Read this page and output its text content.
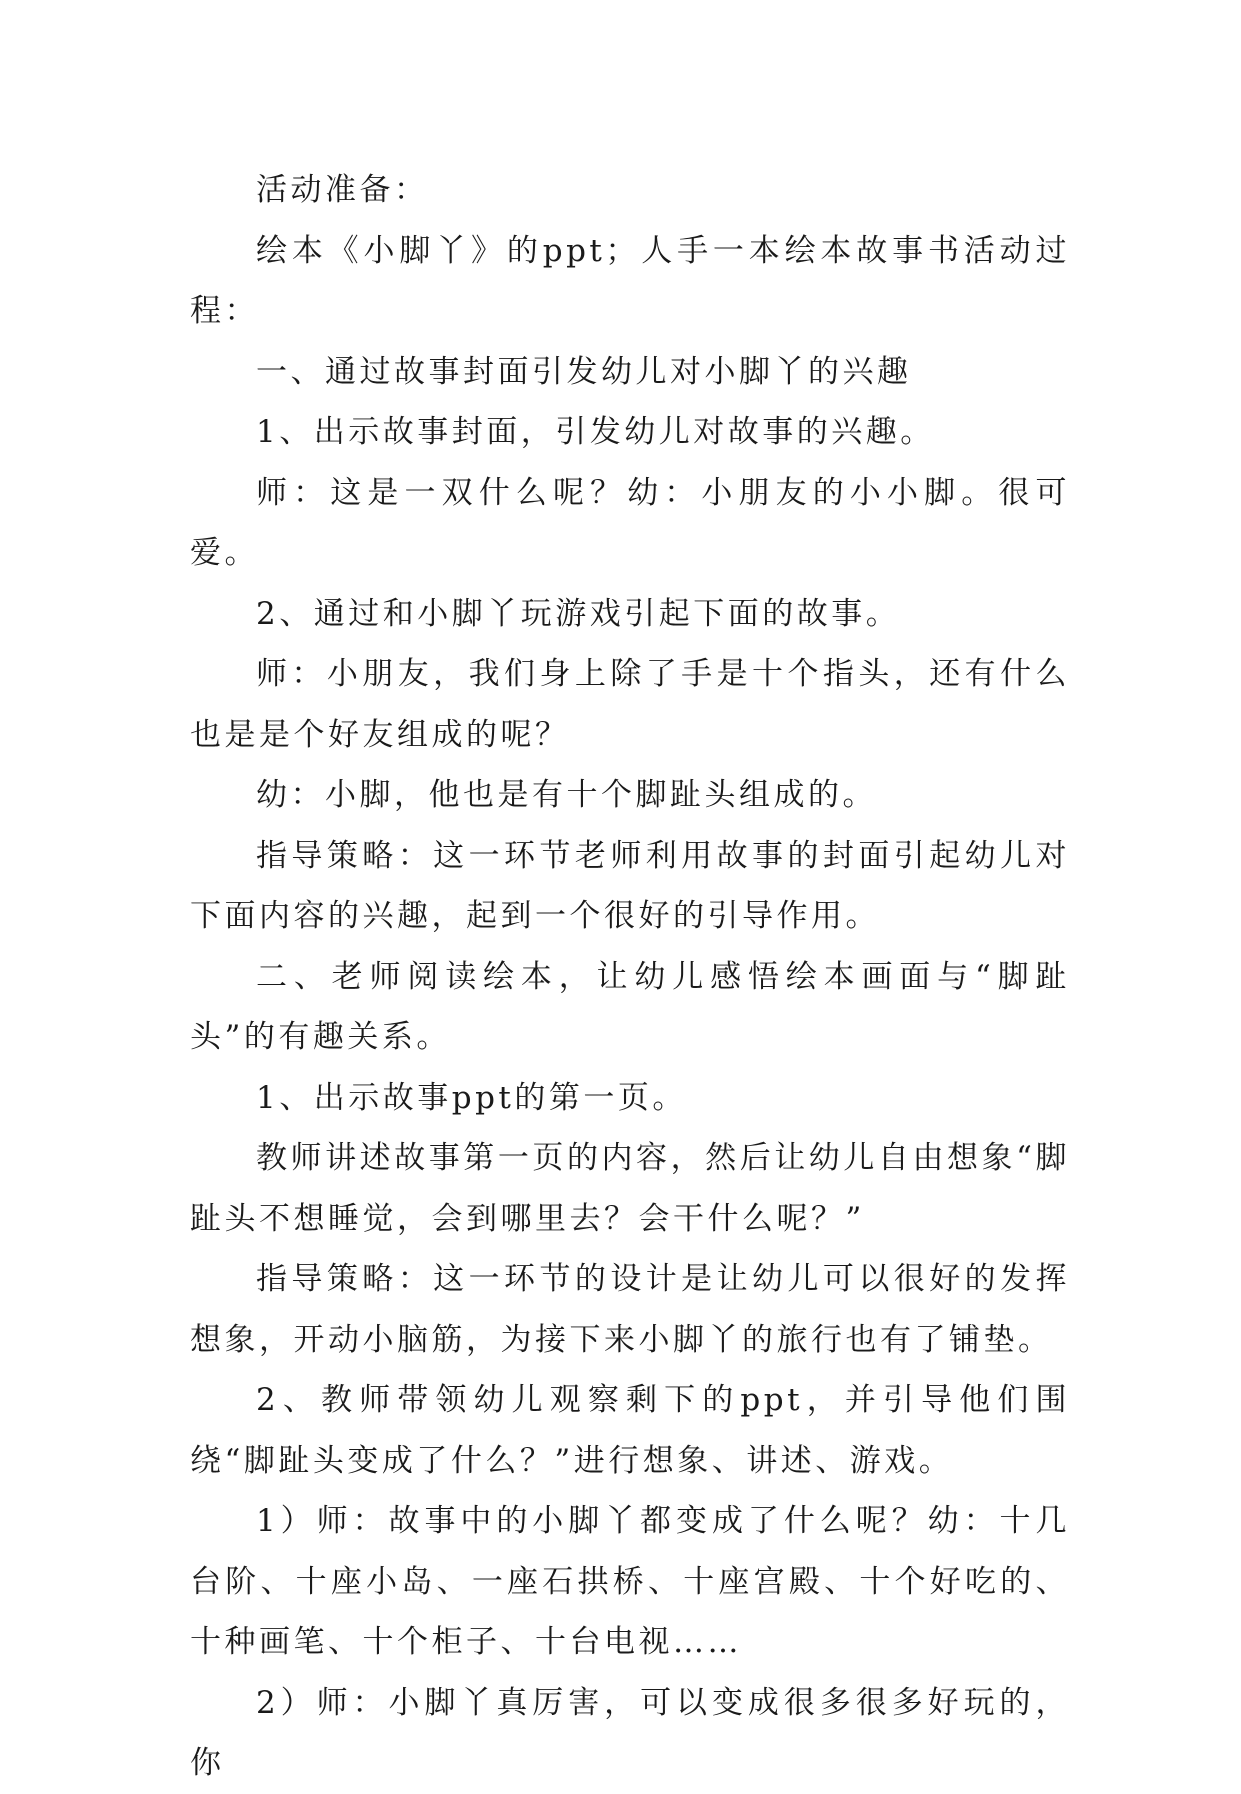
活动准备：

绘本《小脚丫》的ppt；人手一本绘本故事书活动过程：

一、通过故事封面引发幼儿对小脚丫的兴趣

1、出示故事封面，引发幼儿对故事的兴趣。

师：这是一双什么呢？幼：小朋友的小小脚。很可爱。

2、通过和小脚丫玩游戏引起下面的故事。

师：小朋友，我们身上除了手是十个指头，还有什么也是是个好友组成的呢？

幼：小脚，他也是有十个脚趾头组成的。

指导策略：这一环节老师利用故事的封面引起幼儿对下面内容的兴趣，起到一个很好的引导作用。

二、老师阅读绘本，让幼儿感悟绘本画面与“脚趾头”的有趣关系。

1、出示故事ppt的第一页。

教师讲述故事第一页的内容，然后让幼儿自由想象“脚趾头不想睡觉，会到哪里去？会干什么呢？”

指导策略：这一环节的设计是让幼儿可以很好的发挥想象，开动小脑筋，为接下来小脚丫的旅行也有了铺垫。

2、教师带领幼儿观察剩下的ppt，并引导他们围绕“脚趾头变成了什么？”进行想象、讲述、游戏。

1）师：故事中的小脚丫都变成了什么呢？幼：十几台阶、十座小岛、一座石拱桥、十座宫殿、十个好吃的、十种画笔、十个柜子、十台电视……

2）师：小脚丫真厉害，可以变成很多很多好玩的，你
